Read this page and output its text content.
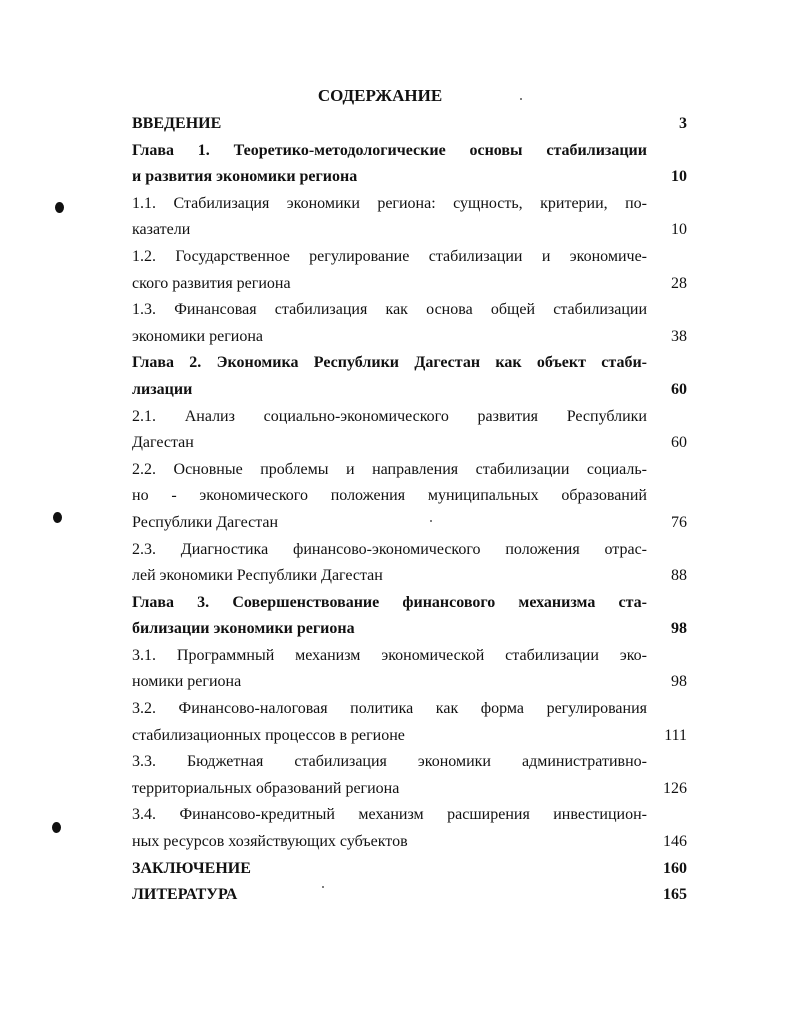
СОДЕРЖАНИЕ
ВВЕДЕНИЕ	3
Глава 1. Теоретико-методологические основы стабилизации
и развития экономики региона	10
1.1. Стабилизация экономики региона: сущность, критерии, по-
казатели	10
1.2. Государственное регулирование стабилизации и экономиче-
ского развития региона	28
1.3. Финансовая стабилизация как основа общей стабилизации
экономики региона	38
Глава 2. Экономика Республики Дагестан как объект стаби-
лизации	60
2.1. Анализ социально-экономического развития Республики
Дагестан	60
2.2. Основные проблемы и направления стабилизации социаль-
но - экономического положения муниципальных образований
Республики Дагестан	76
2.3. Диагностика финансово-экономического положения отрас-
лей экономики Республики Дагестан	88
Глава 3. Совершенствование финансового механизма ста-
билизации экономики региона	98
3.1. Программный механизм экономической стабилизации эко-
номики региона	98
3.2. Финансово-налоговая политика как форма регулирования
стабилизационных процессов в регионе	111
3.3. Бюджетная стабилизация экономики административно-
территориальных образований региона	126
3.4. Финансово-кредитный механизм расширения инвестицион-
ных ресурсов хозяйствующих субъектов	146
ЗАКЛЮЧЕНИЕ	160
ЛИТЕРАТУРА	165
